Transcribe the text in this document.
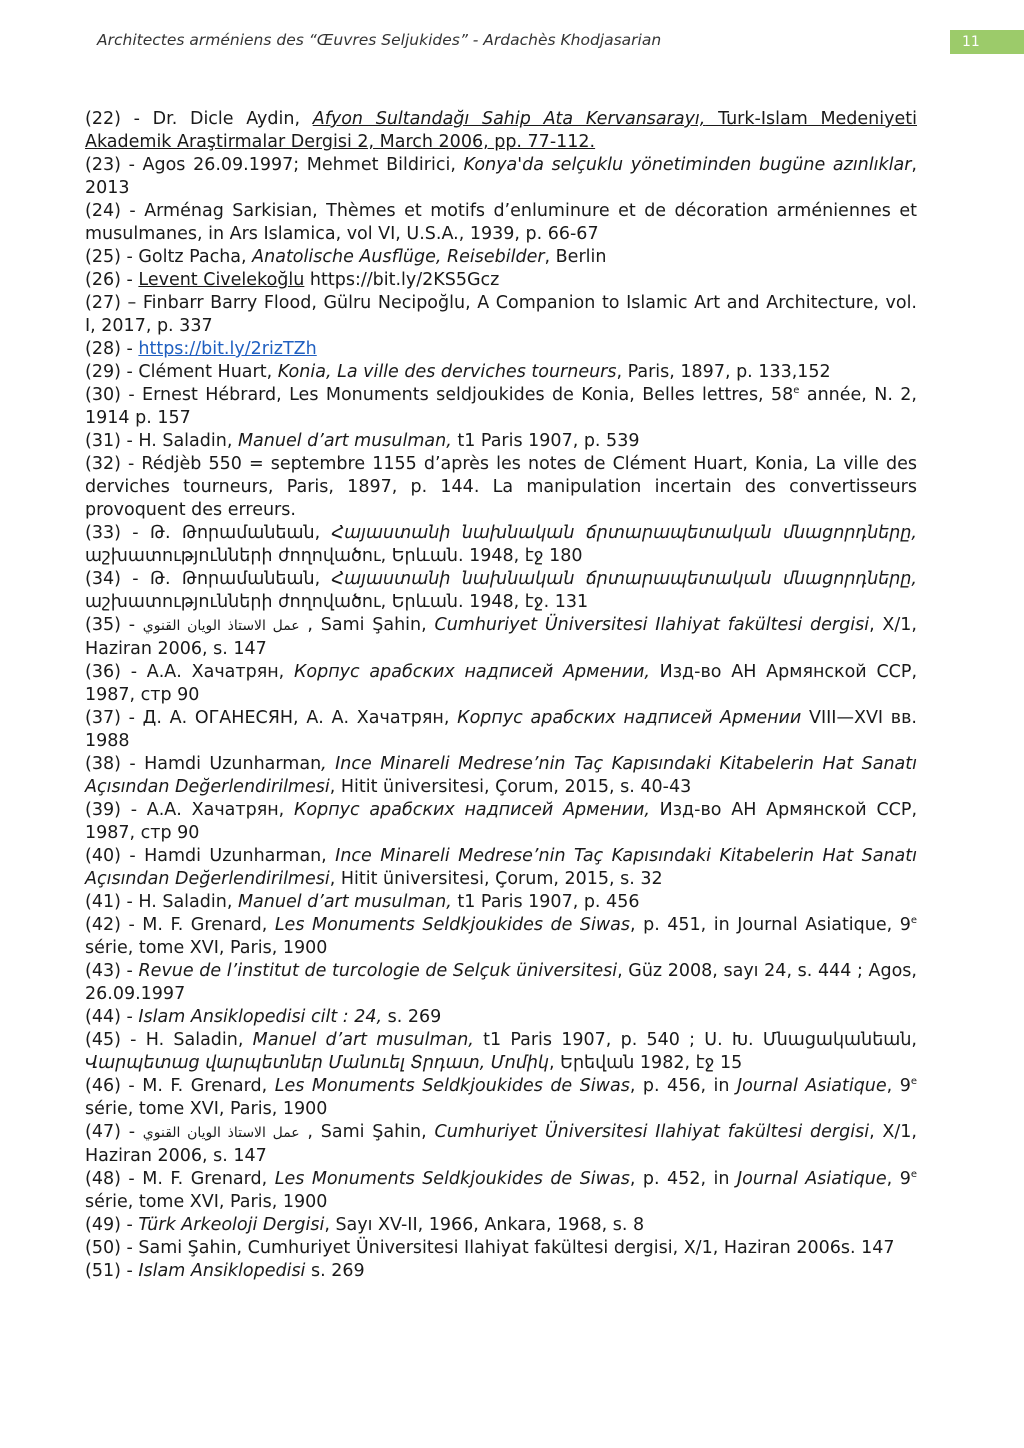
Architectes arméniens des “Œuvres Seljukides” - Ardachès Khodjasarian	11
(22) - Dr. Dicle Aydin, Afyon Sultandağı Sahip Ata Kervansarayı, Turk-Islam Medeniyeti Akademik Araştirmalar Dergisi 2, March 2006, pp. 77-112.
(23) - Agos 26.09.1997; Mehmet Bildirici, Konya'da selçuklu yönetiminden bugüne azınlıklar, 2013
(24) - Arménag Sarkisian, Thèmes et motifs d’enluminure et de décoration arméniennes et musulmanes, in Ars Islamica, vol VI, U.S.A., 1939, p. 66-67
(25) - Goltz Pacha, Anatolische Ausflüge, Reisebilder, Berlin
(26) - Levent Civelekoğlu https://bit.ly/2KS5Gcz
(27) – Finbarr Barry Flood, Gülru Necipoğlu, A Companion to Islamic Art and Architecture, vol. I, 2017, p. 337
(28) - https://bit.ly/2rizTZh
(29) - Clément Huart, Konia, La ville des derviches tourneurs, Paris, 1897, p. 133,152
(30) - Ernest Hébrard, Les Monuments seldjoukides de Konia, Belles lettres, 58e année, N. 2, 1914 p. 157
(31) - H. Saladin, Manuel d’art musulman, t1 Paris 1907, p. 539
(32) - Rédjèb 550 = septembre 1155 d’après les notes de Clément Huart, Konia, La ville des derviches tourneurs, Paris, 1897, p. 144. La manipulation incertain des convertisseurs provoquent des erreurs.
(33) - Թ. Թորամանեան, Հայաստանի նախնական ճրտարապետական մնացորդները, աշխատությունների ժողովածու, Երևան. 1948, էջ 180
(34) - Թ. Թորամանեան, Հայաստանի նախնական ճրտարապետական մնացորդները, աշխատությունների ժողովածու, Երևան. 1948, էջ. 131
(35) - عمل الاستاذ الويان القنوي , Sami Şahin, Cumhuriyet Üniversitesi Ilahiyat fakültesi dergisi, X/1, Haziran 2006, s. 147
(36) - А.А. Хачатрян, Корпус арабских надписей Армении, Изд-во АН Армянской ССР, 1987, стр 90
(37) - Д. А. ОГАНЕСЯН, А. А. Хачатрян, Корпус арабских надписей Армении VIII—XVI вв. 1988
(38) - Hamdi Uzunharman, Ince Minareli Medrese’nin Taç Kapısındaki Kitabelerin Hat Sanatı Açısından Değerlendirilmesi, Hitit üniversitesi, Çorum, 2015, s. 40-43
(39) - А.А. Хачатрян, Корпус арабских надписей Армении, Изд-во АН Армянской ССР, 1987, стр 90
(40) - Hamdi Uzunharman, Ince Minareli Medrese’nin Taç Kapısındaki Kitabelerin Hat Sanatı Açısından Değerlendirilmesi, Hitit üniversitesi, Çorum, 2015, s. 32
(41) - H. Saladin, Manuel d’art musulman, t1 Paris 1907, p. 456
(42) - M. F. Grenard, Les Monuments Seldkjoukides de Siwas, p. 451, in Journal Asiatique, 9e série, tome XVI, Paris, 1900
(43) - Revue de l’institut de turcologie de Selçuk üniversitesi, Güz 2008, sayı 24, s. 444 ; Agos, 26.09.1997
(44) - Islam Ansiklopedisi cilt : 24, s. 269
(45) - H. Saladin, Manuel d’art musulman, t1 Paris 1907, p. 540 ; Ս. Խ. Մնացականեան, Վարպետաց վարպետներ Մանուել Տրդատ, Մոմիկ, Երեվան 1982, էջ 15
(46) - M. F. Grenard, Les Monuments Seldkjoukides de Siwas, p. 456, in Journal Asiatique, 9e série, tome XVI, Paris, 1900
(47) - عمل الاستاذ الويان القنوي , Sami Şahin, Cumhuriyet Üniversitesi Ilahiyat fakültesi dergisi, X/1, Haziran 2006, s. 147
(48) - M. F. Grenard, Les Monuments Seldkjoukides de Siwas, p. 452, in Journal Asiatique, 9e série, tome XVI, Paris, 1900
(49) - Türk Arkeoloji Dergisi, Sayı XV-II, 1966, Ankara, 1968, s. 8
(50) - Sami Şahin, Cumhuriyet Üniversitesi Ilahiyat fakültesi dergisi, X/1, Haziran 2006s. 147
(51) - Islam Ansiklopedisi s. 269
